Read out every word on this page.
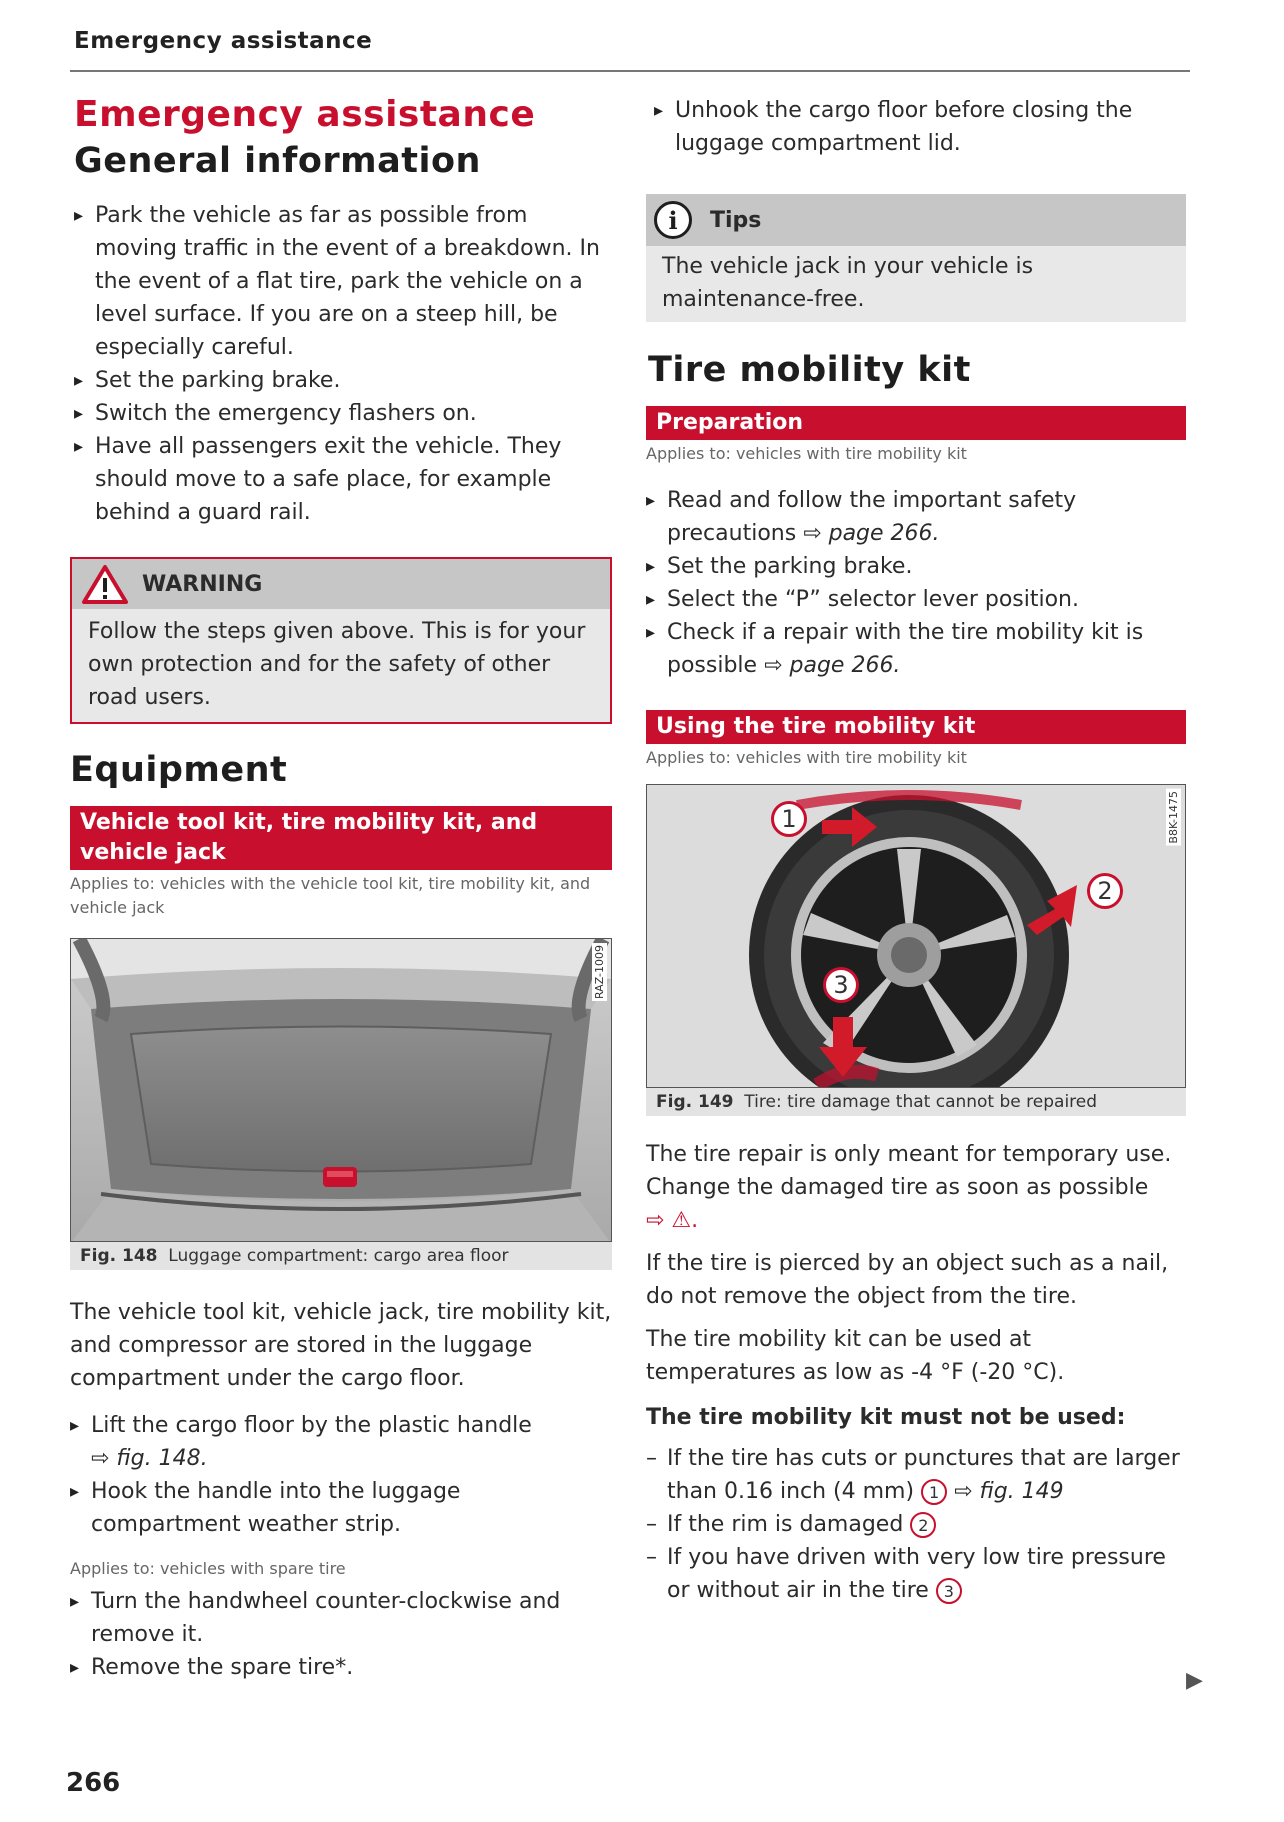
Emergency assistance
Emergency assistance
General information
▸ Park the vehicle as far as possible from moving traffic in the event of a breakdown. In the event of a flat tire, park the vehicle on a level surface. If you are on a steep hill, be especially careful.
▸ Set the parking brake.
▸ Switch the emergency flashers on.
▸ Have all passengers exit the vehicle. They should move to a safe place, for example behind a guard rail.
WARNING
Follow the steps given above. This is for your own protection and for the safety of other road users.
Equipment
Vehicle tool kit, tire mobility kit, and vehicle jack
Applies to: vehicles with the vehicle tool kit, tire mobility kit, and vehicle jack
RAZ-1009
Fig. 148 Luggage compartment: cargo area floor
The vehicle tool kit, vehicle jack, tire mobility kit, and compressor are stored in the luggage compartment under the cargo floor.
▸ Lift the cargo floor by the plastic handle
⇨ fig. 148.
▸ Hook the handle into the luggage compartment weather strip.
Applies to: vehicles with spare tire
▸ Turn the handwheel counter-clockwise and remove it.
▸ Remove the spare tire*.
▸ Unhook the cargo floor before closing the luggage compartment lid.
i	Tips
The vehicle jack in your vehicle is maintenance-free.
Tire mobility kit
Preparation
Applies to: vehicles with tire mobility kit
▸ Read and follow the important safety precautions ⇨ page 266.
▸ Set the parking brake.
▸ Select the “P” selector lever position.
▸ Check if a repair with the tire mobility kit is possible ⇨ page 266.
Using the tire mobility kit
Applies to: vehicles with tire mobility kit
1
2
3
B8K-1475
Fig. 149 Tire: tire damage that cannot be repaired
The tire repair is only meant for temporary use. Change the damaged tire as soon as possible
⇨ ⚠.
If the tire is pierced by an object such as a nail, do not remove the object from the tire.
The tire mobility kit can be used at temperatures as low as -4 °F (-20 °C).
The tire mobility kit must not be used:
– If the tire has cuts or punctures that are larger than 0.16 inch (4 mm) 1 ⇨ fig. 149
– If the rim is damaged 2
– If you have driven with very low tire pressure or without air in the tire 3
▶
266
